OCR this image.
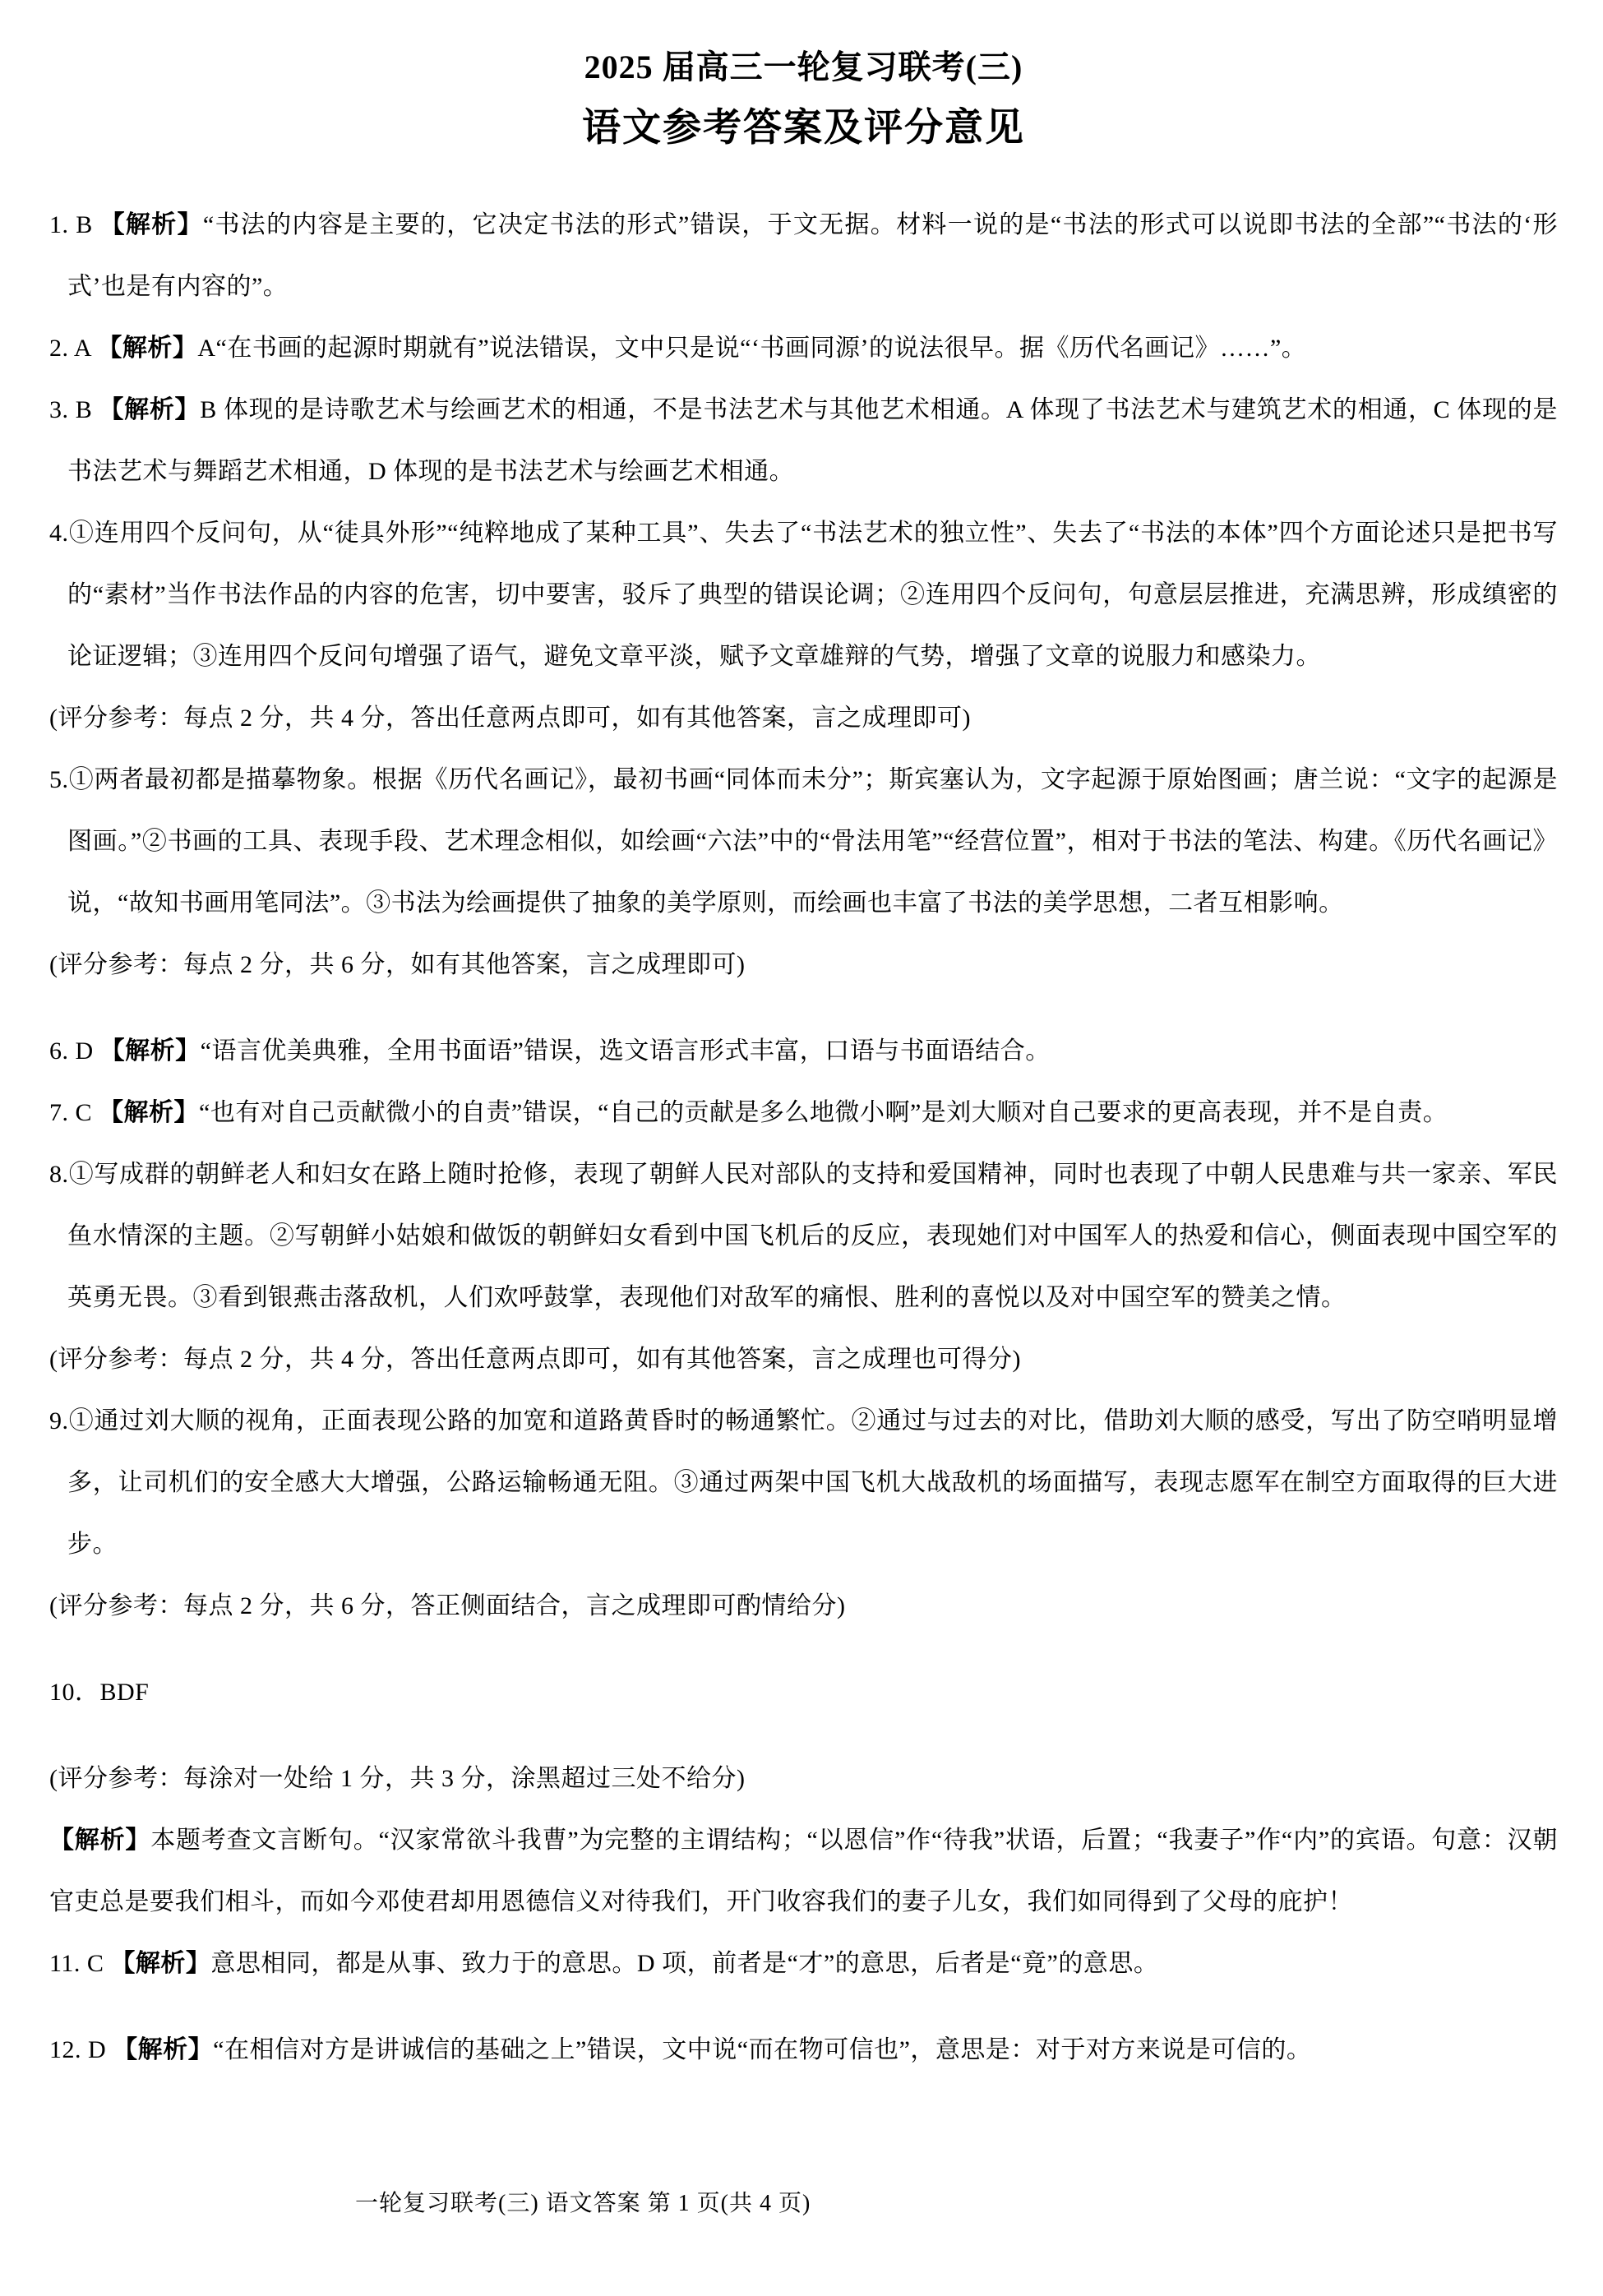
2025 届高三一轮复习联考(三)
语文参考答案及评分意见
1. B 【解析】“书法的内容是主要的，它决定书法的形式”错误，于文无据。材料一说的是“书法的形式可以说即书法的全部”“书法的‘形式’也是有内容的”。
2. A 【解析】A“在书画的起源时期就有”说法错误，文中只是说“‘书画同源’的说法很早。据《历代名画记》……”。
3. B 【解析】B 体现的是诗歌艺术与绘画艺术的相通，不是书法艺术与其他艺术相通。A 体现了书法艺术与建筑艺术的相通，C 体现的是书法艺术与舞蹈艺术相通，D 体现的是书法艺术与绘画艺术相通。
4.①连用四个反问句，从“徒具外形”“纯粹地成了某种工具”、失去了“书法艺术的独立性”、失去了“书法的本体”四个方面论述只是把书写的“素材”当作书法作品的内容的危害，切中要害，驳斥了典型的错误论调；②连用四个反问句，句意层层推进，充满思辨，形成缜密的论证逻辑；③连用四个反问句增强了语气，避免文章平淡，赋予文章雄辩的气势，增强了文章的说服力和感染力。
(评分参考：每点 2 分，共 4 分，答出任意两点即可，如有其他答案，言之成理即可)
5.①两者最初都是描摹物象。根据《历代名画记》，最初书画“同体而未分”；斯宾塞认为，文字起源于原始图画；唐兰说：“文字的起源是图画。”②书画的工具、表现手段、艺术理念相似，如绘画“六法”中的“骨法用笔”“经营位置”，相对于书法的笔法、构建。《历代名画记》说，“故知书画用笔同法”。③书法为绘画提供了抽象的美学原则，而绘画也丰富了书法的美学思想，二者互相影响。
(评分参考：每点 2 分，共 6 分，如有其他答案，言之成理即可)
6. D 【解析】“语言优美典雅，全用书面语”错误，选文语言形式丰富，口语与书面语结合。
7. C 【解析】“也有对自己贡献微小的自责”错误，“自己的贡献是多么地微小啊”是刘大顺对自己要求的更高表现，并不是自责。
8.①写成群的朝鲜老人和妇女在路上随时抢修，表现了朝鲜人民对部队的支持和爱国精神，同时也表现了中朝人民患难与共一家亲、军民鱼水情深的主题。②写朝鲜小姑娘和做饭的朝鲜妇女看到中国飞机后的反应，表现她们对中国军人的热爱和信心，侧面表现中国空军的英勇无畏。③看到银燕击落敌机，人们欢呼鼓掌，表现他们对敌军的痛恨、胜利的喜悦以及对中国空军的赞美之情。
(评分参考：每点 2 分，共 4 分，答出任意两点即可，如有其他答案，言之成理也可得分)
9.①通过刘大顺的视角，正面表现公路的加宽和道路黄昏时的畅通繁忙。②通过与过去的对比，借助刘大顺的感受，写出了防空哨明显增多，让司机们的安全感大大增强，公路运输畅通无阻。③通过两架中国飞机大战敌机的场面描写，表现志愿军在制空方面取得的巨大进步。
(评分参考：每点 2 分，共 6 分，答正侧面结合，言之成理即可酌情给分)
10．BDF
(评分参考：每涂对一处给 1 分，共 3 分，涂黑超过三处不给分)
【解析】本题考查文言断句。“汉家常欲斗我曹”为完整的主谓结构；“以恩信”作“待我”状语，后置；“我妻子”作“内”的宾语。句意：汉朝官吏总是要我们相斗，而如今邓使君却用恩德信义对待我们，开门收容我们的妻子儿女，我们如同得到了父母的庇护！
11. C 【解析】意思相同，都是从事、致力于的意思。D 项，前者是“才”的意思，后者是“竟”的意思。
12. D 【解析】“在相信对方是讲诚信的基础之上”错误，文中说“而在物可信也”，意思是：对于对方来说是可信的。
一轮复习联考(三) 语文答案 第 1 页(共 4 页)
